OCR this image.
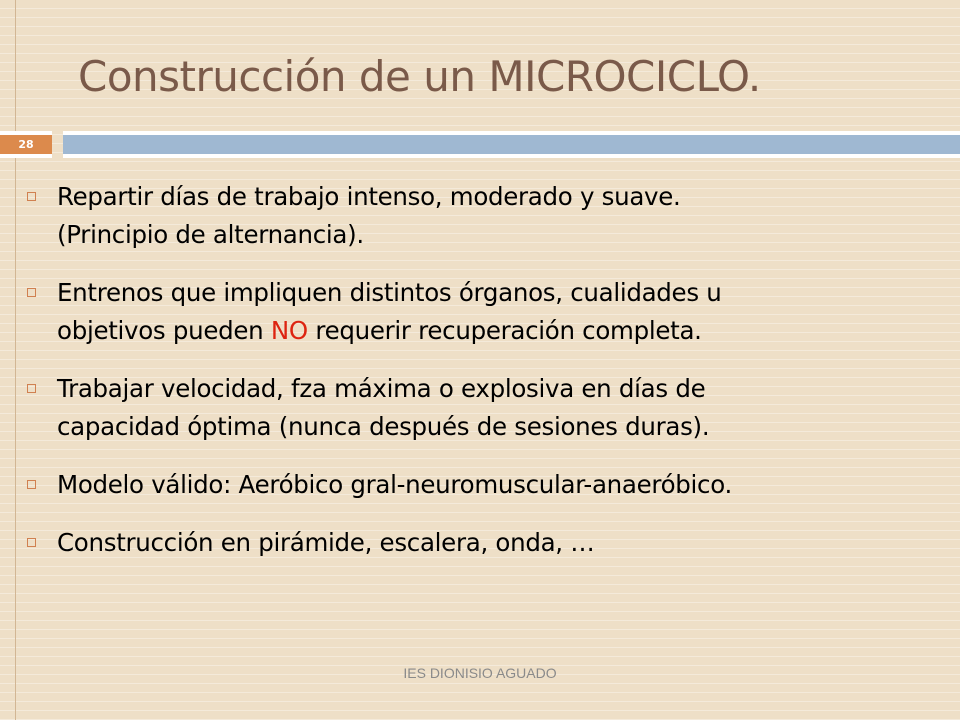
Construcción de un MICROCICLO.
28
Repartir días de trabajo intenso, moderado y suave.
(Principio de alternancia).
Entrenos que impliquen distintos órganos, cualidades u
objetivos pueden NO requerir recuperación completa.
Trabajar velocidad, fza máxima o explosiva en días de
capacidad óptima (nunca después de sesiones duras).
Modelo válido: Aeróbico gral-neuromuscular-anaeróbico.
Construcción en pirámide, escalera, onda, …
IES DIONISIO AGUADO
